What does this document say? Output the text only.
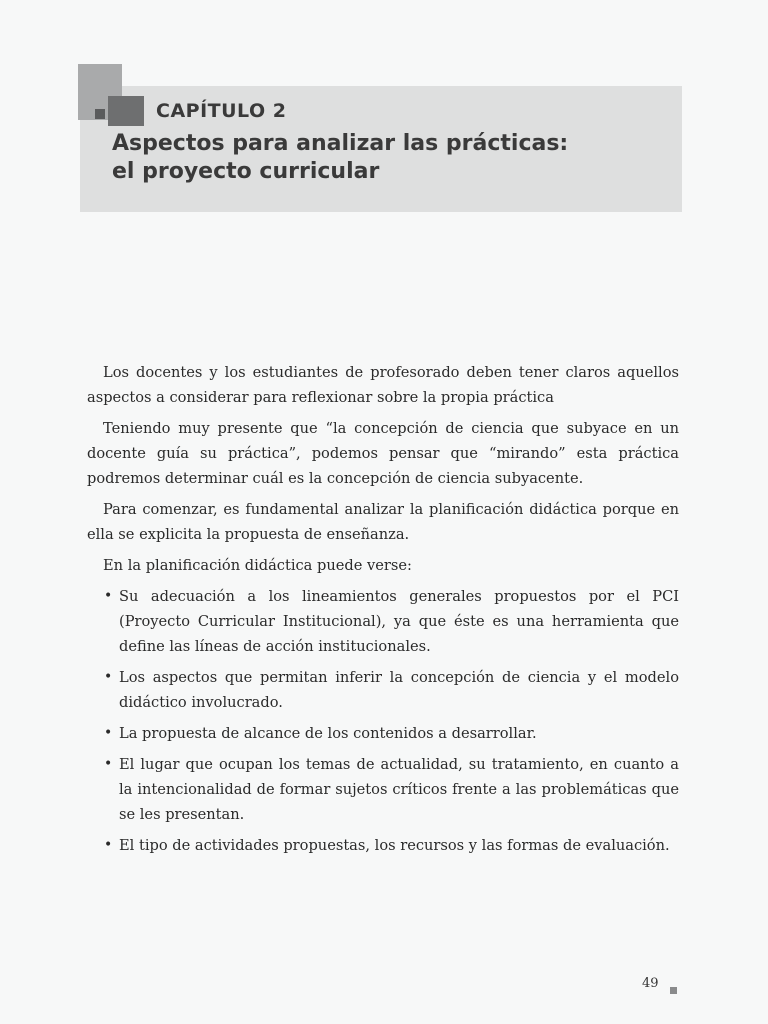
CAPÍTULO 2
Aspectos para analizar las prácticas:
el proyecto curricular

Los docentes y los estudiantes de profesorado deben tener claros aquellos aspectos a considerar para reflexionar sobre la propia práctica

Teniendo muy presente que “la concepción de ciencia que subyace en un docente guía su práctica”, podemos pensar que “mirando” esta práctica podremos determinar cuál es la concepción de ciencia subyacente.

Para comenzar, es fundamental analizar la planificación didáctica porque en ella se explicita la propuesta de enseñanza.

En la planificación didáctica puede verse:

• Su adecuación a los lineamientos generales propuestos por el PCI (Proyecto Curricular Institucional), ya que éste es una herramienta que define las líneas de acción institucionales.
• Los aspectos que permitan inferir la concepción de ciencia y el modelo didáctico involucrado.
• La propuesta de alcance de los contenidos a desarrollar.
• El lugar que ocupan los temas de actualidad, su tratamiento, en cuanto a la intencionalidad de formar sujetos críticos frente a las problemáticas que se les presentan.
• El tipo de actividades propuestas, los recursos y las formas de evaluación.
49
